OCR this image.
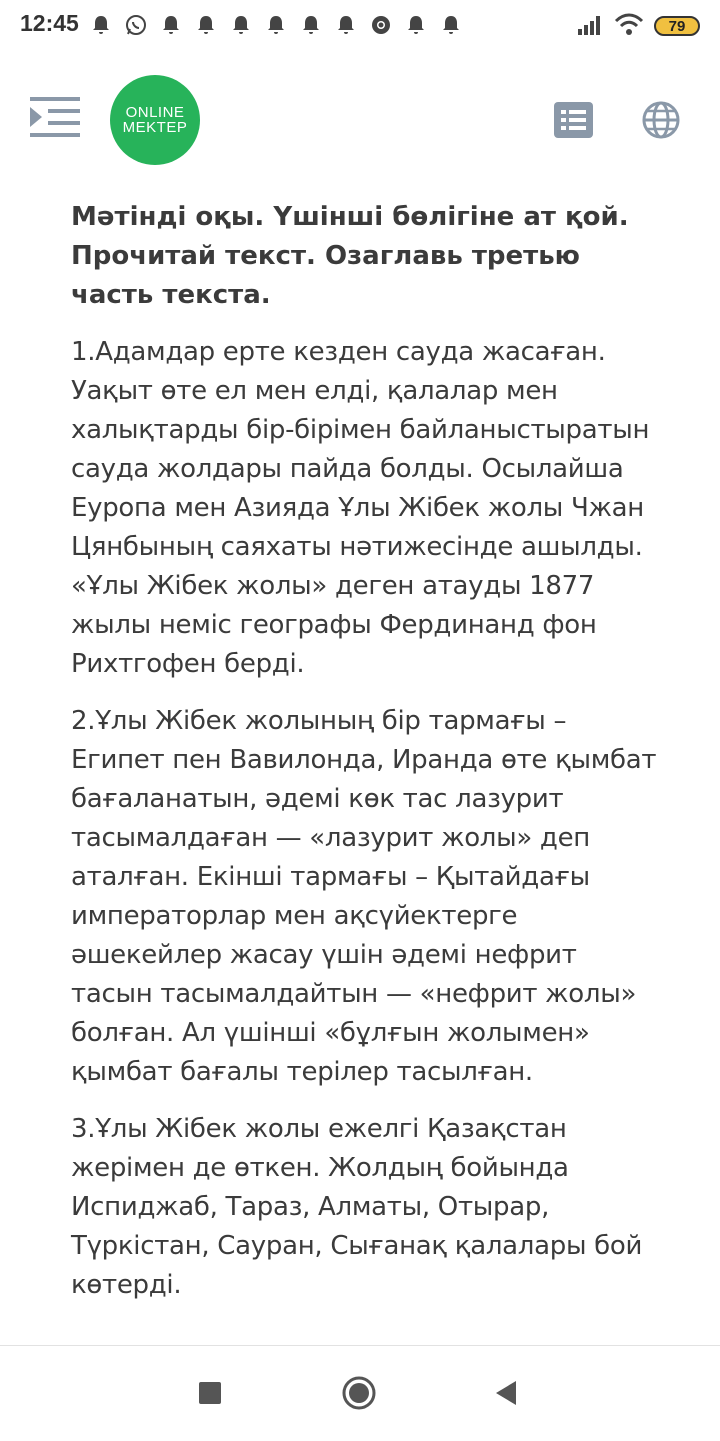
12:45	79
ONLINE
MEKTEP

Мәтінді оқы. Үшінші бөлігіне ат қой. Прочитай текст. Озаглавь третью часть текста.

1.Адамдар ерте кезден сауда жасаған. Уақыт өте ел мен елді, қалалар мен халықтарды бір-бірімен байланыстыратын сауда жолдары пайда болды. Осылайша Еуропа мен Азияда Ұлы Жібек жолы Чжан Цянбының саяхаты нәтижесінде ашылды. «Ұлы Жібек жолы» деген атауды 1877 жылы неміс географы Фердинанд фон Рихтгофен берді.

2.Ұлы Жібек жолының бір тармағы – Египет пен Вавилонда, Иранда өте қымбат бағаланатын, әдемі көк тас лазурит тасымалдаған — «лазурит жолы» деп аталған. Екінші тармағы – Қытайдағы императорлар мен ақсүйектерге әшекейлер жасау үшін әдемі нефрит тасын тасымалдайтын — «нефрит жолы» болған. Ал үшінші «бұлғын жолымен» қымбат бағалы терілер тасылған.

3.Ұлы Жібек жолы ежелгі Қазақстан жерімен де өткен. Жолдың бойында Испиджаб, Тараз, Алматы, Отырар, Түркістан, Сауран, Сығанақ қалалары бой көтерді.
